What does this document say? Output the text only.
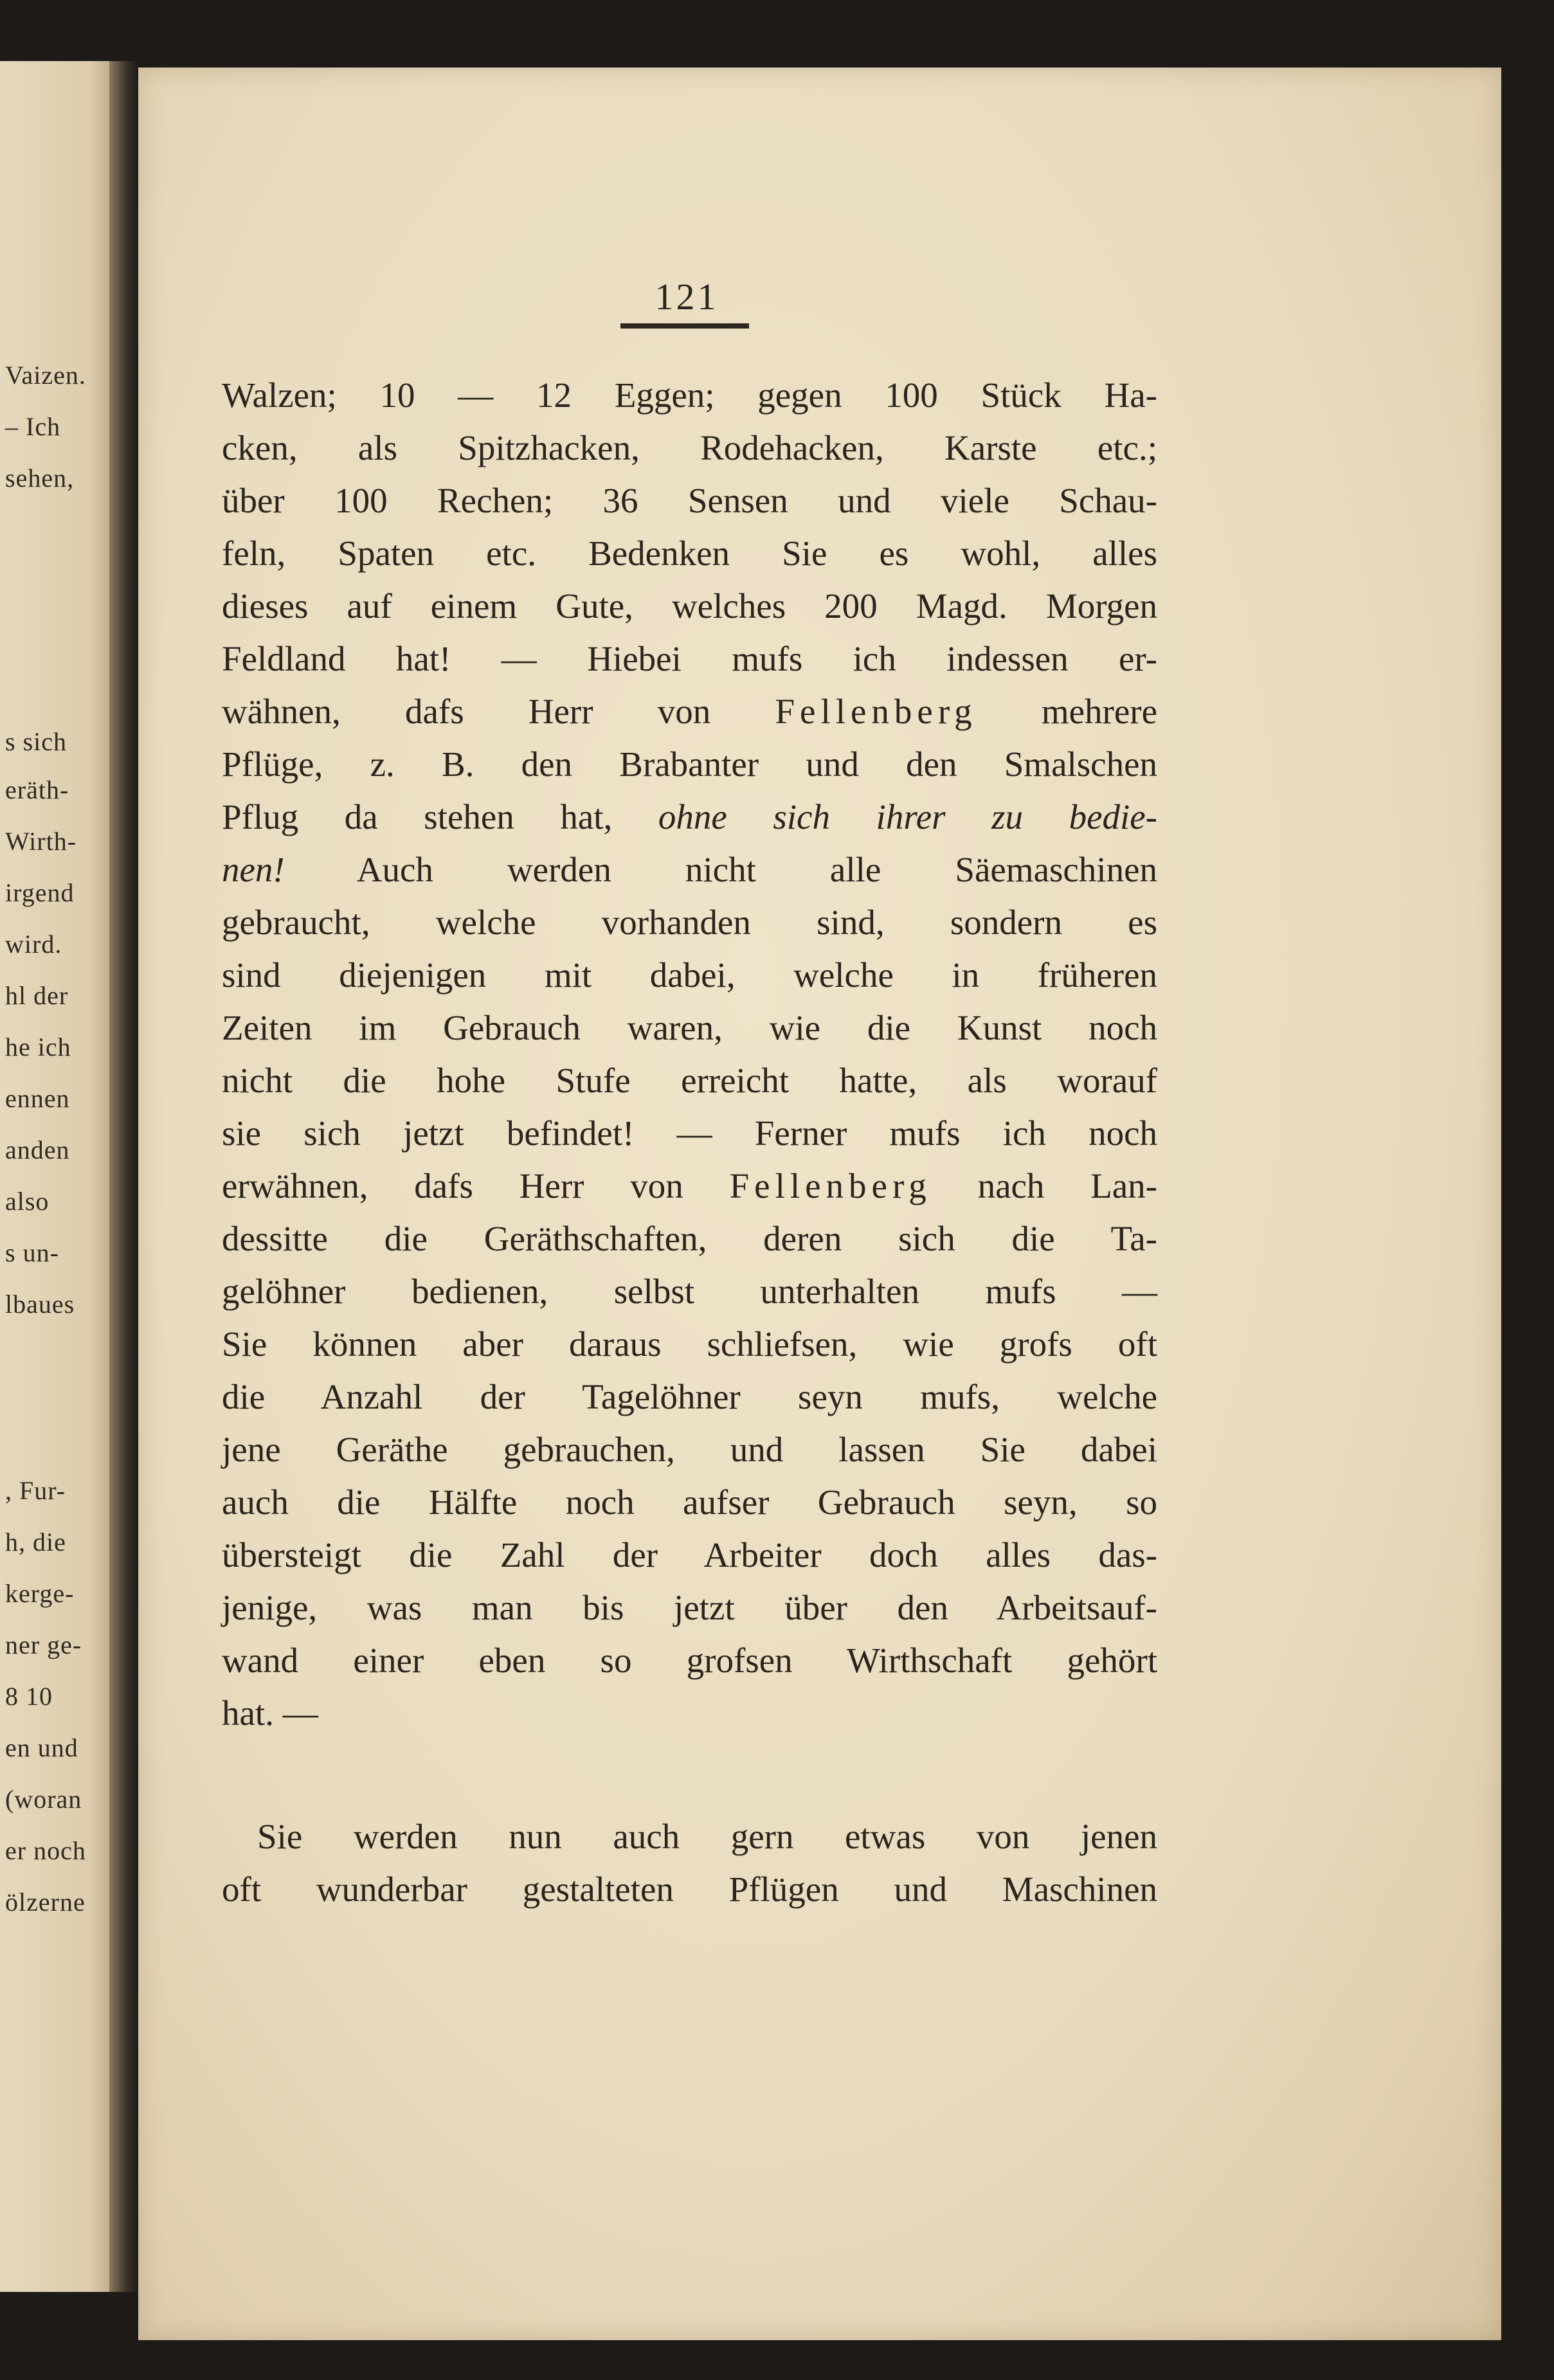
Vaizen.
– Ich
sehen,
s sich
eräth-
Wirth-
irgend
wird.
hl der
he ich
ennen
anden
also
s un-
lbaues
, Fur-
h, die
kerge-
ner ge-
8 10
en und
(woran
er noch
ölzerne
121
Walzen; 10 — 12 Eggen; gegen 100 Stück Ha-
cken, als Spitzhacken, Rodehacken, Karste etc.;
über 100 Rechen; 36 Sensen und viele Schau-
feln, Spaten etc. Bedenken Sie es wohl, alles
dieses auf einem Gute, welches 200 Magd. Morgen
Feldland hat! — Hiebei mufs ich indessen er-
wähnen, dafs Herr von Fellenberg mehrere
Pflüge, z. B. den Brabanter und den Smalschen
Pflug da stehen hat, ohne sich ihrer zu bedie-
nen! Auch werden nicht alle Säemaschinen
gebraucht, welche vorhanden sind, sondern es
sind diejenigen mit dabei, welche in früheren
Zeiten im Gebrauch waren, wie die Kunst noch
nicht die hohe Stufe erreicht hatte, als worauf
sie sich jetzt befindet! — Ferner mufs ich noch
erwähnen, dafs Herr von Fellenberg nach Lan-
dessitte die Geräthschaften, deren sich die Ta-
gelöhner bedienen, selbst unterhalten mufs —
Sie können aber daraus schliefsen, wie grofs oft
die Anzahl der Tagelöhner seyn mufs, welche
jene Geräthe gebrauchen, und lassen Sie dabei
auch die Hälfte noch aufser Gebrauch seyn, so
übersteigt die Zahl der Arbeiter doch alles das-
jenige, was man bis jetzt über den Arbeitsauf-
wand einer eben so grofsen Wirthschaft gehört
hat. —
Sie werden nun auch gern etwas von jenen
oft wunderbar gestalteten Pflügen und Maschinen
